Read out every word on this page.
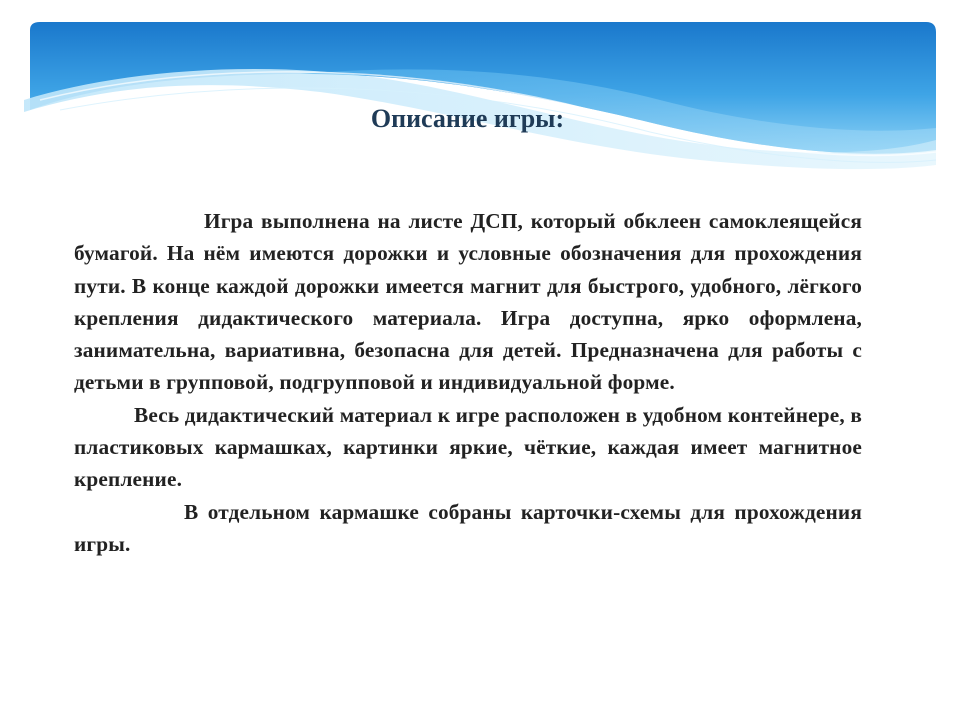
Описание игры:

Игра выполнена на листе ДСП, который обклеен самоклеящейся бумагой. На нём имеются дорожки и условные обозначения для прохождения пути. В конце каждой дорожки имеется магнит для быстрого, удобного, лёгкого крепления дидактического материала. Игра доступна, ярко оформлена, занимательна, вариативна, безопасна для детей. Предназначена для работы с детьми в групповой, подгрупповой и индивидуальной форме.

Весь дидактический материал к игре расположен в удобном контейнере, в пластиковых кармашках, картинки яркие, чёткие, каждая имеет магнитное крепление.

В отдельном кармашке собраны карточки-схемы для прохождения игры.
